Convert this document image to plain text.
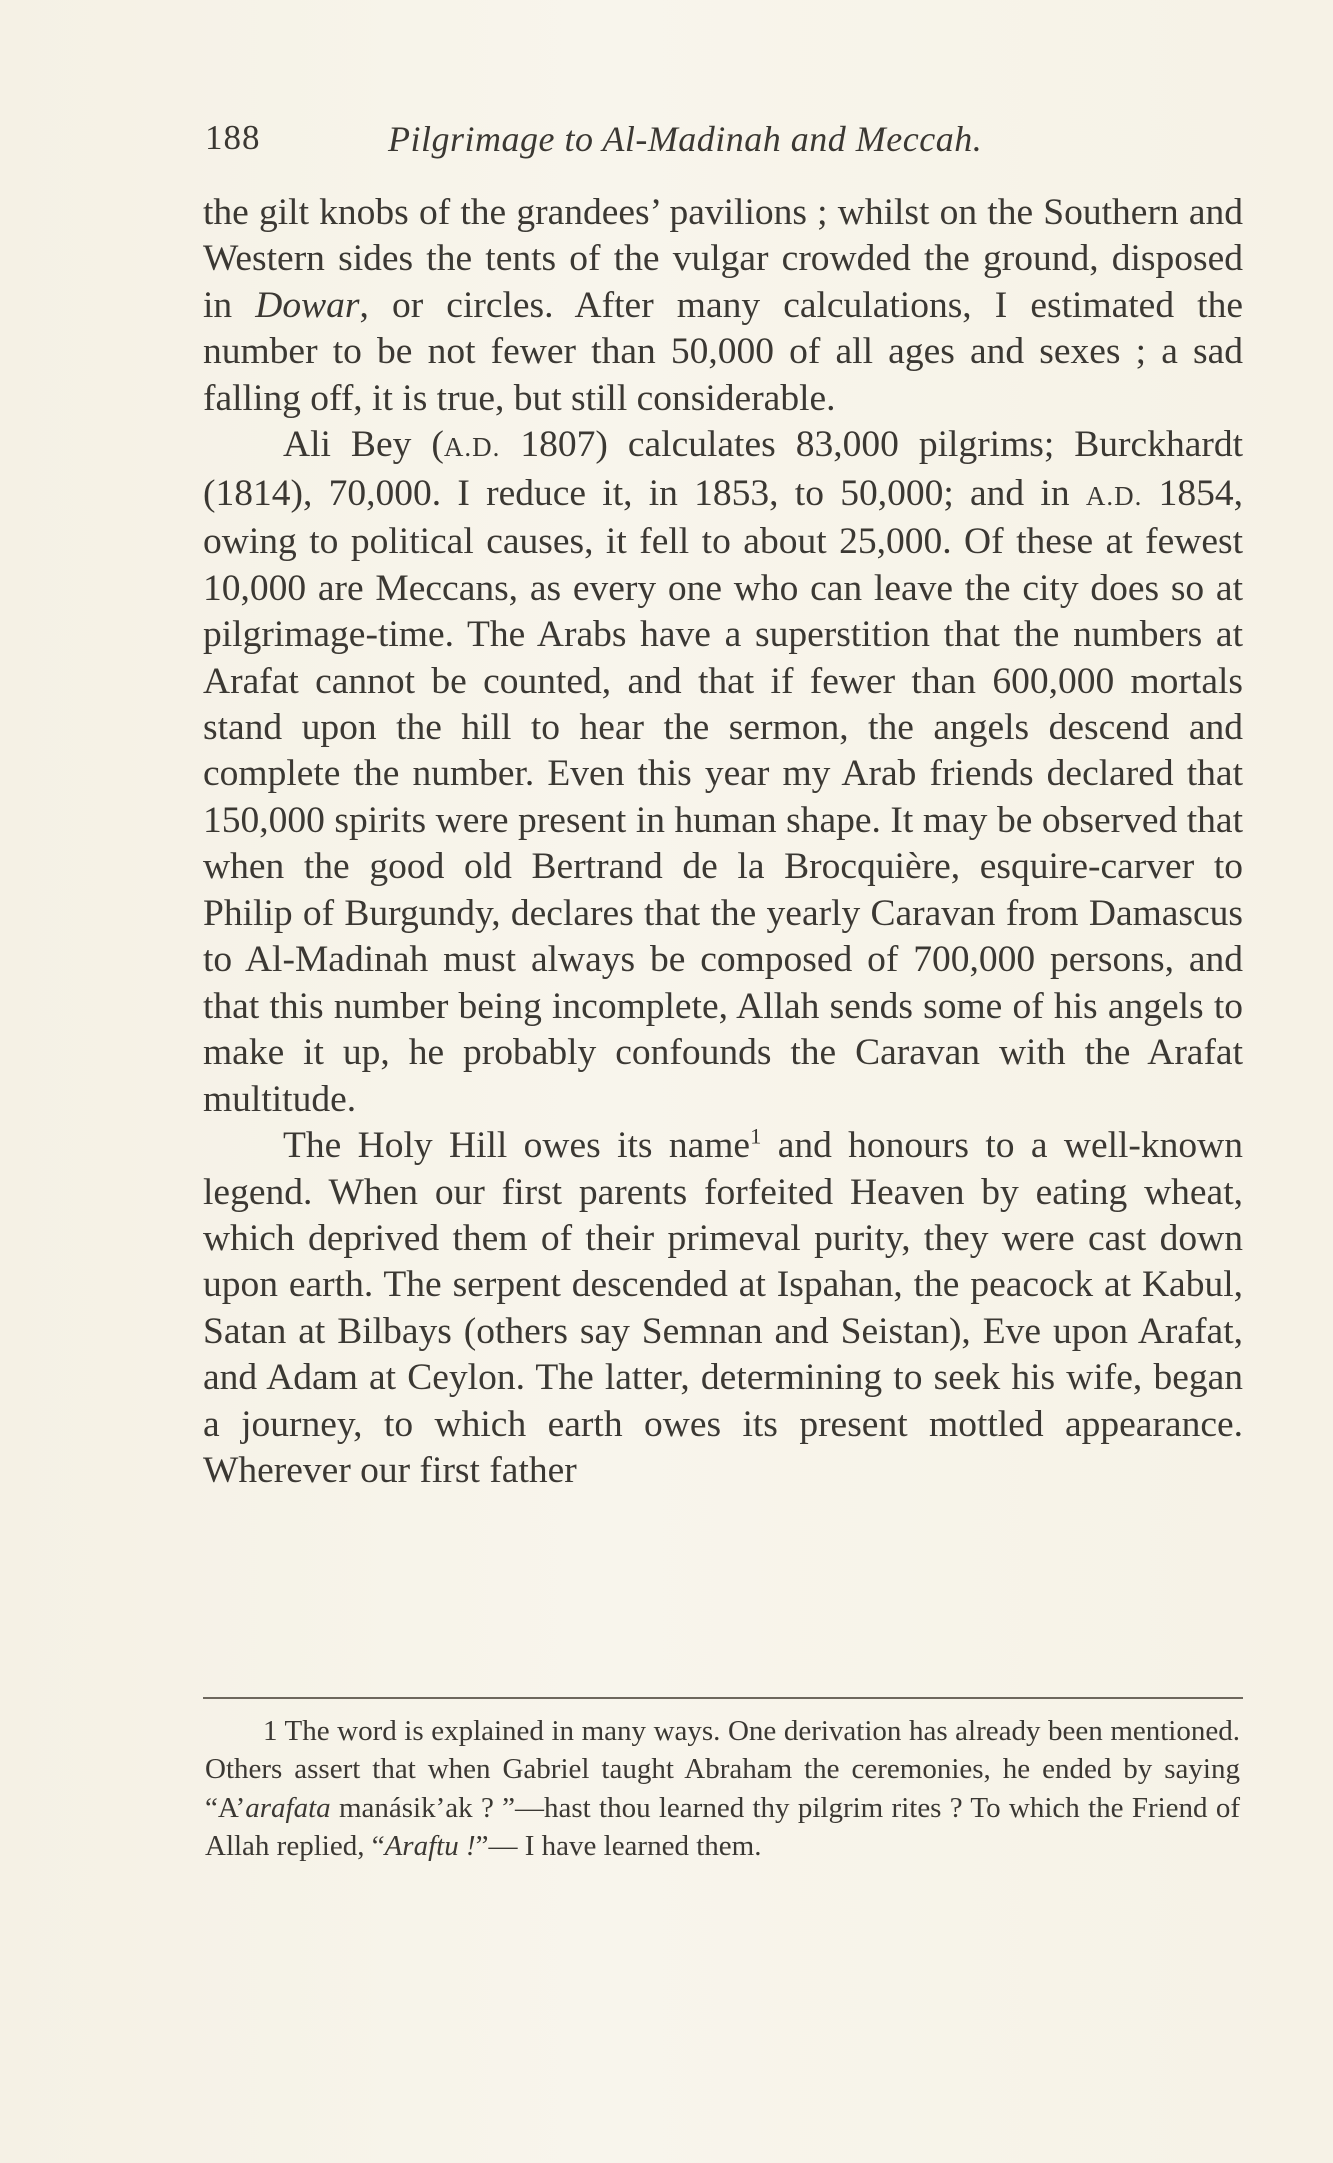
188	Pilgrimage to Al-Madinah and Meccah.

the gilt knobs of the grandees’ pavilions ; whilst on the Southern and Western sides the tents of the vulgar crowded the ground, disposed in Dowar, or circles. After many calculations, I estimated the number to be not fewer than 50,000 of all ages and sexes ; a sad falling off, it is true, but still considerable.

Ali Bey (A.D. 1807) calculates 83,000 pilgrims; Burckhardt (1814), 70,000. I reduce it, in 1853, to 50,000; and in A.D. 1854, owing to political causes, it fell to about 25,000. Of these at fewest 10,000 are Meccans, as every one who can leave the city does so at pilgrimage-time. The Arabs have a superstition that the numbers at Arafat cannot be counted, and that if fewer than 600,000 mortals stand upon the hill to hear the sermon, the angels descend and complete the number. Even this year my Arab friends declared that 150,000 spirits were present in human shape. It may be observed that when the good old Bertrand de la Brocquière, esquire-carver to Philip of Burgundy, declares that the yearly Caravan from Damascus to Al-Madinah must always be composed of 700,000 persons, and that this number being incomplete, Allah sends some of his angels to make it up, he probably confounds the Caravan with the Arafat multitude.

The Holy Hill owes its name$^1$ and honours to a well-known legend. When our first parents forfeited Heaven by eating wheat, which deprived them of their primeval purity, they were cast down upon earth. The serpent descended at Ispahan, the peacock at Kabul, Satan at Bilbays (others say Semnan and Seistan), Eve upon Arafat, and Adam at Ceylon. The latter, determining to seek his wife, began a journey, to which earth owes its present mottled appearance. Wherever our first father

1 The word is explained in many ways. One derivation has already been mentioned. Others assert that when Gabriel taught Abraham the ceremonies, he ended by saying “A’arafata manásik’ak ? ”—hast thou learned thy pilgrim rites ? To which the Friend of Allah replied, “Araftu !”— I have learned them.
